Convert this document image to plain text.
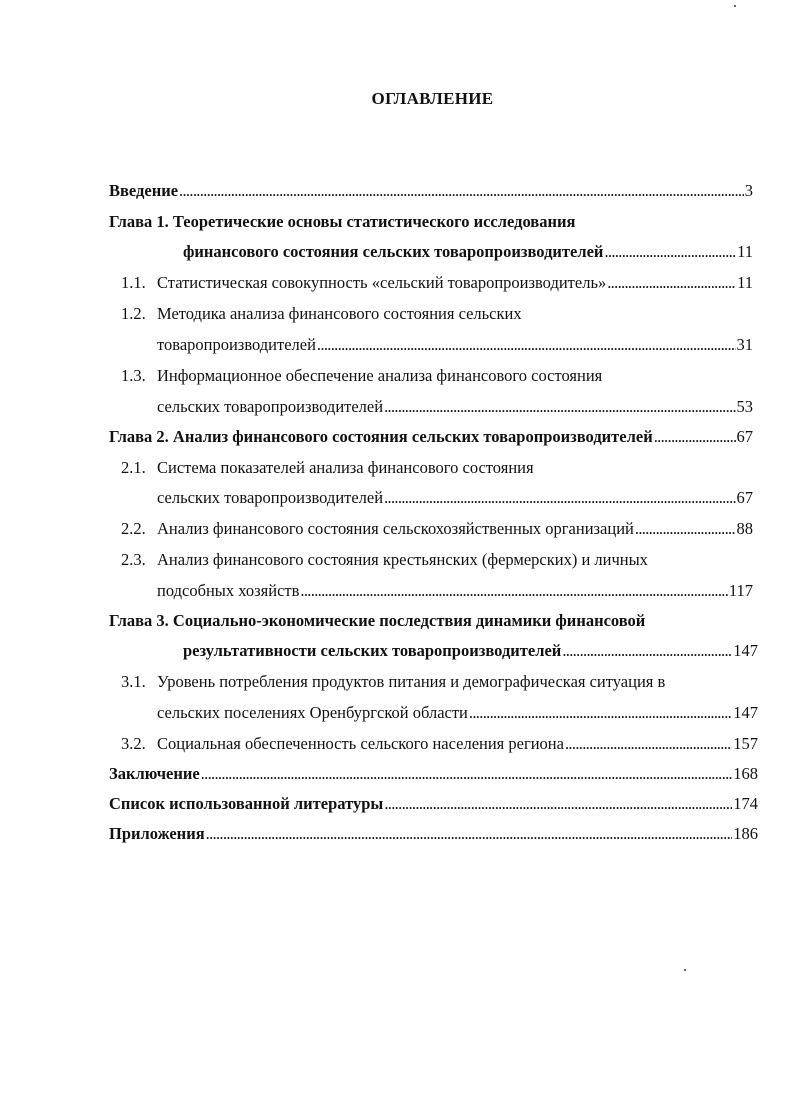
ОГЛАВЛЕНИЕ
Введение . . .	3
Глава 1. Теоретические основы статистического исследования
финансового состояния сельских товаропроизводителей . . .	11
1.1. Статистическая совокупность «сельский товаропроизводитель» . . .	11
1.2. Методика анализа финансового состояния сельских
товаропроизводителей . . .	31
1.3. Информационное обеспечение анализа финансового состояния
сельских товаропроизводителей . . .	53
Глава 2. Анализ финансового состояния сельских товаропроизводителей . . .	67
2.1. Система показателей анализа финансового состояния
сельских товаропроизводителей . . .	67
2.2. Анализ финансового состояния сельскохозяйственных организаций . . .	88
2.3. Анализ финансового состояния крестьянских (фермерских) и личных
подсобных хозяйств . . .	117
Глава 3. Социально-экономические последствия динамики финансовой
результативности сельских товаропроизводителей . . .	147
3.1. Уровень потребления продуктов питания и демографическая ситуация в
сельских поселениях Оренбургской области . . .	147
3.2. Социальная обеспеченность сельского населения региона . . .	157
Заключение . . .	168
Список использованной литературы . . .	174
Приложения . . .	186
